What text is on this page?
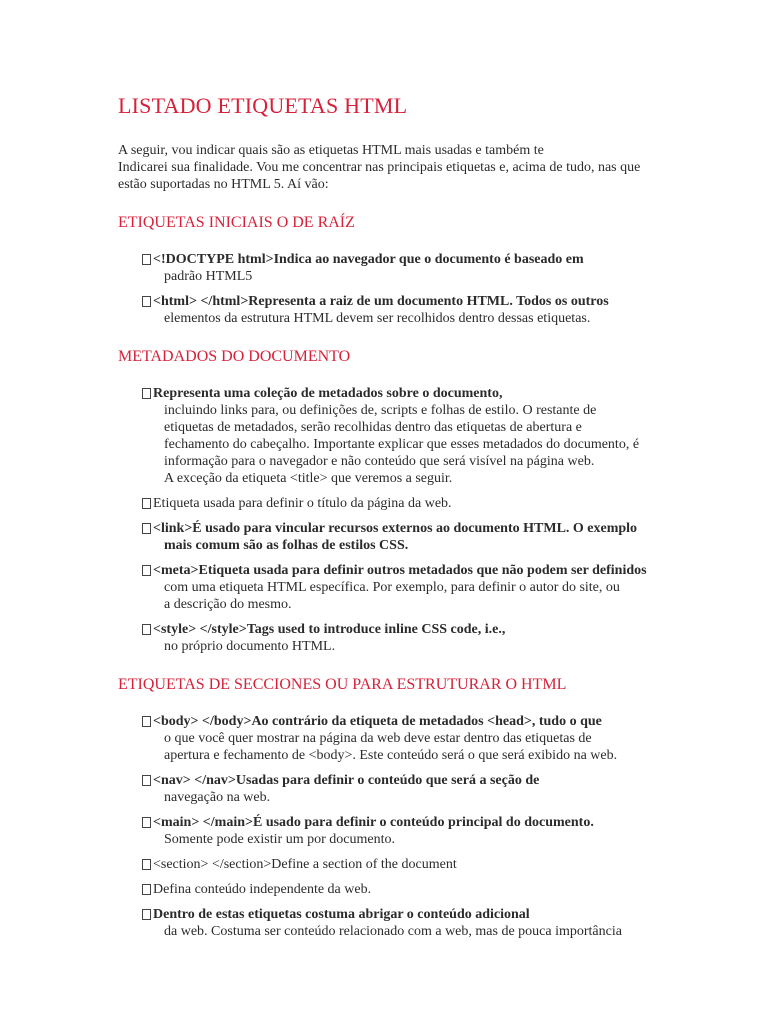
LISTADO ETIQUETAS HTML

A seguir, vou indicar quais são as etiquetas HTML mais usadas e também te
Indicarei sua finalidade. Vou me concentrar nas principais etiquetas e, acima de tudo, nas que
estão suportadas no HTML 5. Aí vão:

ETIQUETAS INICIAIS O DE RAÍZ
<!DOCTYPE html>Indica ao navegador que o documento é baseado em
padrão HTML5
<html> </html>Representa a raiz de um documento HTML. Todos os outros
elementos da estrutura HTML devem ser recolhidos dentro dessas etiquetas.
METADADOS DO DOCUMENTO
Representa uma coleção de metadados sobre o documento,
incluindo links para, ou definições de, scripts e folhas de estilo. O restante de
etiquetas de metadados, serão recolhidas dentro das etiquetas de abertura e
fechamento do cabeçalho. Importante explicar que esses metadados do documento, é
informação para o navegador e não conteúdo que será visível na página web.
A exceção da etiqueta <title> que veremos a seguir.
Etiqueta usada para definir o título da página da web.
<link>É usado para vincular recursos externos ao documento HTML. O exemplo
mais comum são as folhas de estilos CSS.
<meta>Etiqueta usada para definir outros metadados que não podem ser definidos
com uma etiqueta HTML específica. Por exemplo, para definir o autor do site, ou
a descrição do mesmo.
<style> </style>Tags used to introduce inline CSS code, i.e.,
no próprio documento HTML.
ETIQUETAS DE SECCIONES OU PARA ESTRUTURAR O HTML
<body> </body>Ao contrário da etiqueta de metadados <head>, tudo o que
o que você quer mostrar na página da web deve estar dentro das etiquetas de
apertura e fechamento de <body>. Este conteúdo será o que será exibido na web.
<nav> </nav>Usadas para definir o conteúdo que será a seção de
navegação na web.
<main> </main>É usado para definir o conteúdo principal do documento.
Somente pode existir um por documento.
<section> </section>Define a section of the document
Defina conteúdo independente da web.
Dentro de estas etiquetas costuma abrigar o conteúdo adicional
da web. Costuma ser conteúdo relacionado com a web, mas de pouca importância
